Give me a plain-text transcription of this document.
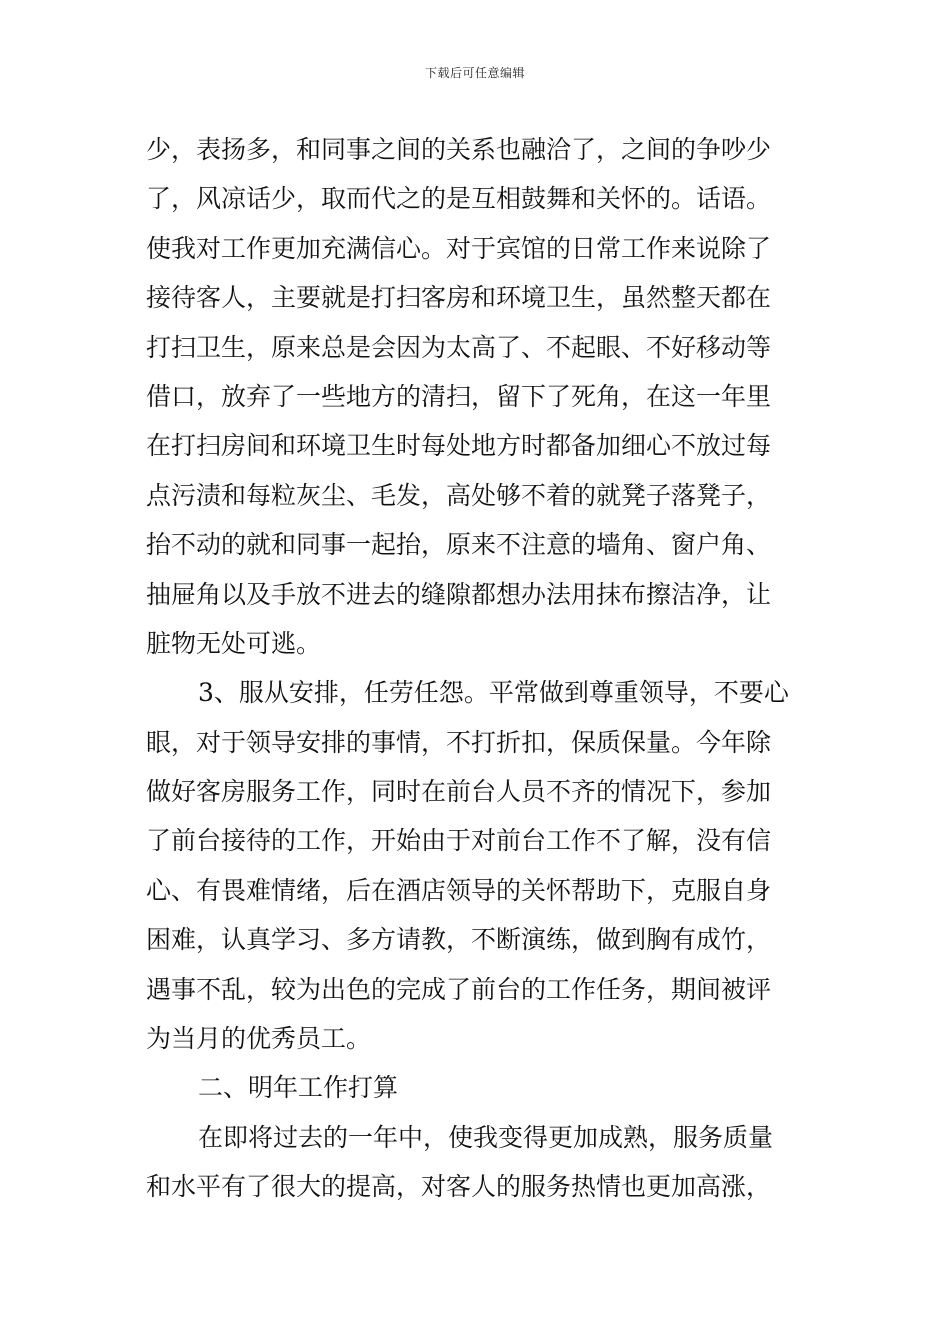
下载后可任意编辑
少，表扬多，和同事之间的关系也融洽了，之间的争吵少
了，风凉话少，取而代之的是互相鼓舞和关怀的。话语。
使我对工作更加充满信心。对于宾馆的日常工作来说除了
接待客人，主要就是打扫客房和环境卫生，虽然整天都在
打扫卫生，原来总是会因为太高了、不起眼、不好移动等
借口，放弃了一些地方的清扫，留下了死角，在这一年里
在打扫房间和环境卫生时每处地方时都备加细心不放过每
点污渍和每粒灰尘、毛发，高处够不着的就凳子落凳子，
抬不动的就和同事一起抬，原来不注意的墙角、窗户角、
抽屉角以及手放不进去的缝隙都想办法用抹布擦洁净，让
脏物无处可逃。
3、服从安排，任劳任怨。平常做到尊重领导，不要心
眼，对于领导安排的事情，不打折扣，保质保量。今年除
做好客房服务工作，同时在前台人员不齐的情况下，参加
了前台接待的工作，开始由于对前台工作不了解，没有信
心、有畏难情绪，后在酒店领导的关怀帮助下，克服自身
困难，认真学习、多方请教，不断演练，做到胸有成竹，
遇事不乱，较为出色的完成了前台的工作任务，期间被评
为当月的优秀员工。
二、明年工作打算
在即将过去的一年中，使我变得更加成熟，服务质量
和水平有了很大的提高，对客人的服务热情也更加高涨，
